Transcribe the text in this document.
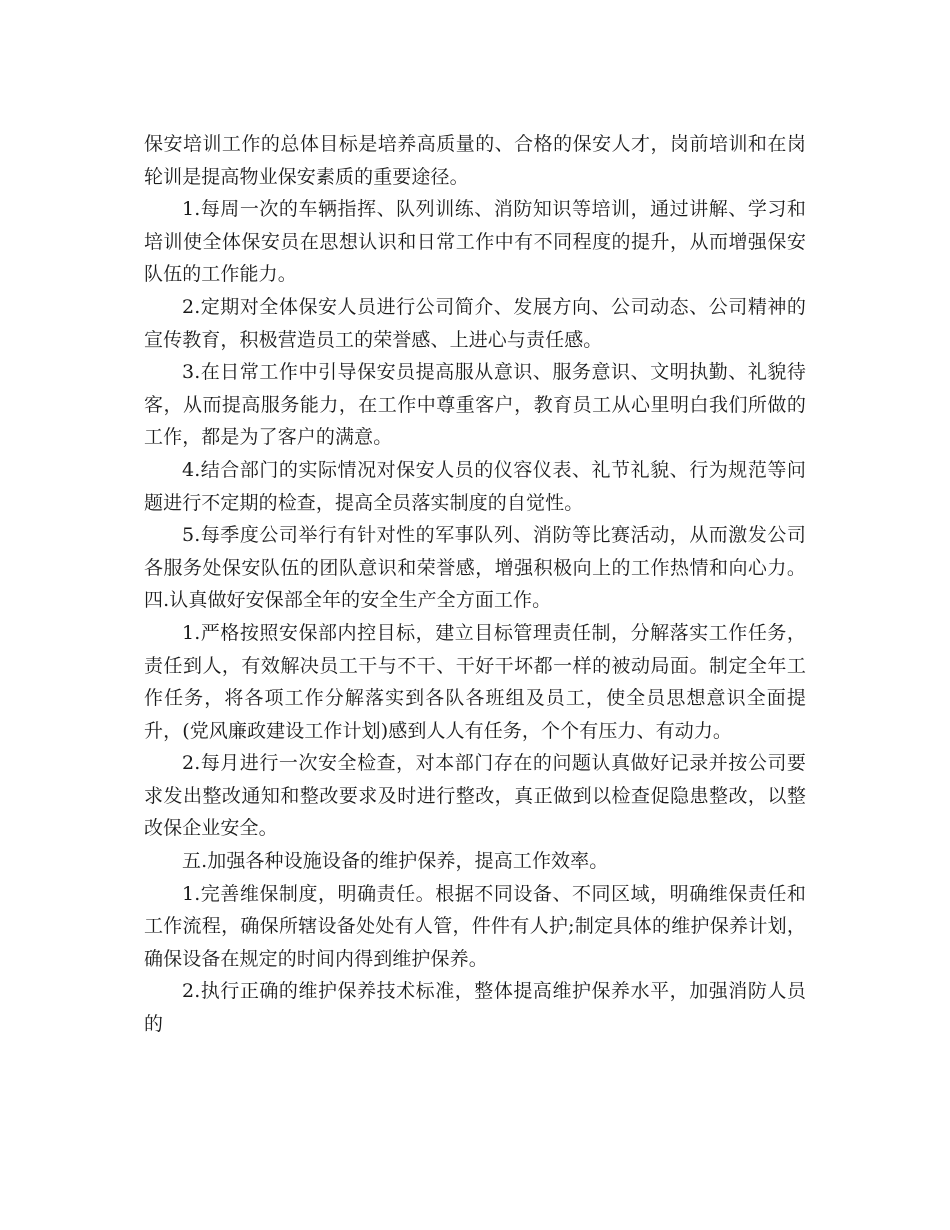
保安培训工作的总体目标是培养高质量的、合格的保安人才，岗前培训和在岗轮训是提高物业保安素质的重要途径。

1.每周一次的车辆指挥、队列训练、消防知识等培训，通过讲解、学习和培训使全体保安员在思想认识和日常工作中有不同程度的提升，从而增强保安队伍的工作能力。

2.定期对全体保安人员进行公司简介、发展方向、公司动态、公司精神的宣传教育，积极营造员工的荣誉感、上进心与责任感。

3.在日常工作中引导保安员提高服从意识、服务意识、文明执勤、礼貌待客，从而提高服务能力，在工作中尊重客户，教育员工从心里明白我们所做的工作，都是为了客户的满意。

4.结合部门的实际情况对保安人员的仪容仪表、礼节礼貌、行为规范等问题进行不定期的检查，提高全员落实制度的自觉性。

5.每季度公司举行有针对性的军事队列、消防等比赛活动，从而激发公司各服务处保安队伍的团队意识和荣誉感，增强积极向上的工作热情和向心力。四.认真做好安保部全年的安全生产全方面工作。

1.严格按照安保部内控目标，建立目标管理责任制，分解落实工作任务，责任到人，有效解决员工干与不干、干好干坏都一样的被动局面。制定全年工作任务，将各项工作分解落实到各队各班组及员工，使全员思想意识全面提升，(党风廉政建设工作计划)感到人人有任务，个个有压力、有动力。

2.每月进行一次安全检查，对本部门存在的问题认真做好记录并按公司要求发出整改通知和整改要求及时进行整改，真正做到以检查促隐患整改，以整改保企业安全。

五.加强各种设施设备的维护保养，提高工作效率。

1.完善维保制度，明确责任。根据不同设备、不同区域，明确维保责任和工作流程，确保所辖设备处处有人管，件件有人护;制定具体的维护保养计划，确保设备在规定的时间内得到维护保养。

2.执行正确的维护保养技术标准，整体提高维护保养水平，加强消防人员的
